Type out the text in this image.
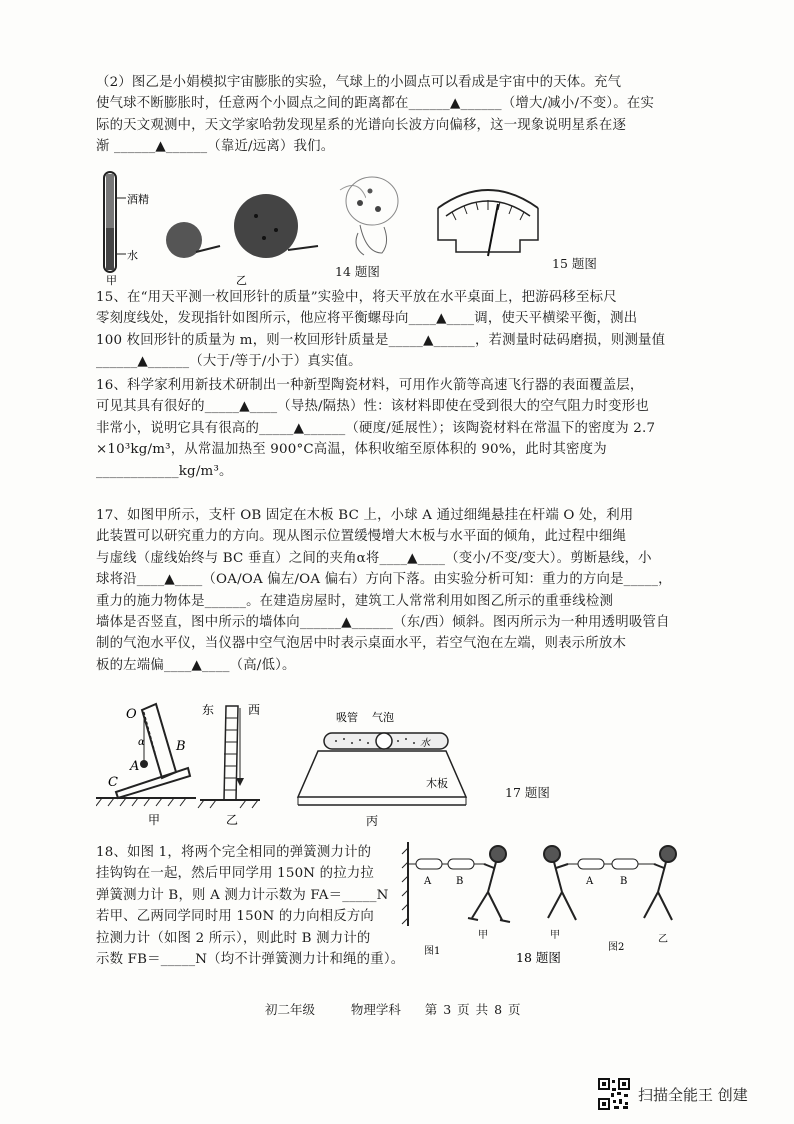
（2）图乙是小娟模拟宇宙膨胀的实验，气球上的小圆点可以看成是宇宙中的天体。充气
使气球不断膨胀时，任意两个小圆点之间的距离都在______▲______（增大/减小/不变）。在实
际的天文观测中，天文学家哈勃发现星系的光谱向长波方向偏移，这一现象说明星系在逐
渐 ______▲______（靠近/远离）我们。
酒精
水
甲	乙
14 题图
15 题图
15、在“用天平测一枚回形针的质量”实验中，将天平放在水平桌面上，把游码移至标尺
零刻度线处，发现指针如图所示，他应将平衡螺母向____▲____调，使天平横梁平衡，测出
100 枚回形针的质量为 m，则一枚回形针质量是_____▲______，若测量时砝码磨损，则测量值
______▲______（大于/等于/小于）真实值。
16、科学家利用新技术研制出一种新型陶瓷材料，可用作火箭等高速飞行器的表面覆盖层，
可见其具有很好的_____▲____（导热/隔热）性：该材料即使在受到很大的空气阻力时变形也
非常小，说明它具有很高的_____▲______（硬度/延展性）；该陶瓷材料在常温下的密度为 2.7
×10³kg/m³，从常温加热至 900°C高温，体积收缩至原体积的 90%，此时其密度为
____________kg/m³。
17、如图甲所示，支杆 OB 固定在木板 BC 上，小球 A 通过细绳悬挂在杆端 O 处，利用
此装置可以研究重力的方向。现从图示位置缓慢增大木板与水平面的倾角，此过程中细绳
与虚线（虚线始终与 BC 垂直）之间的夹角α将____▲____（变小/不变/变大）。剪断悬线，小
球将沿____▲____（OA/OA 偏左/OA 偏右）方向下落。由实验分析可知：重力的方向是_____，
重力的施力物体是______。在建造房屋时，建筑工人常常利用如图乙所示的重垂线检测
墙体是否竖直，图中所示的墙体向______▲______（东/西）倾斜。图丙所示为一种用透明吸管自
制的气泡水平仪，当仪器中空气泡居中时表示桌面水平，若空气泡在左端，则表示所放木
板的左端偏____▲____（高/低）。
O
α
A
B
C
甲
东	西
乙
吸管 气泡
水
木板
丙
17 题图
18、如图 1，将两个完全相同的弹簧测力计的
挂钩钩在一起，然后甲同学用 150N 的拉力拉
弹簧测力计 B，则 A 测力计示数为 FA＝_____N
若甲、乙两同学同时用 150N 的力向相反方向
拉测力计（如图 2 所示），则此时 B 测力计的
示数 FB＝_____N（均不计弹簧测力计和绳的重）。
A B
图1
甲
A	B
甲
图2
乙
18 题图
初二年级	物理学科 第 3 页 共 8 页
扫描全能王 创建
